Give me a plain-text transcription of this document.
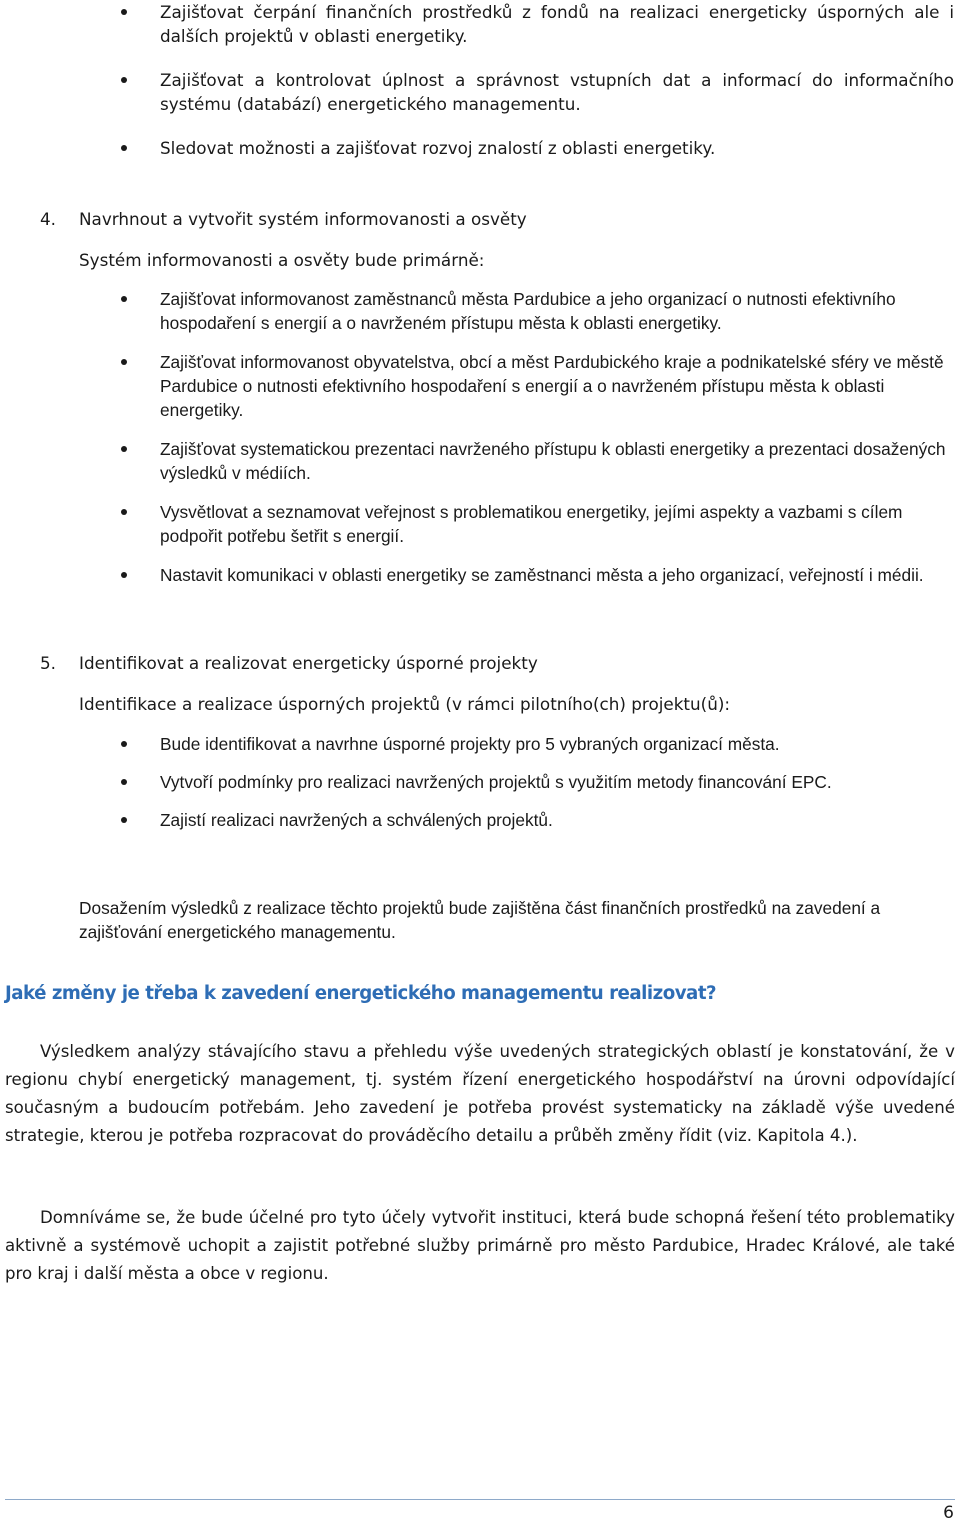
Zajišťovat čerpání finančních prostředků z fondů na realizaci energeticky úsporných ale i dalších projektů v oblasti energetiky.
Zajišťovat a kontrolovat úplnost a správnost vstupních dat a informací do informačního systému (databází) energetického managementu.
Sledovat možnosti a zajišťovat rozvoj znalostí z oblasti energetiky.
4. Navrhnout a vytvořit systém informovanosti a osvěty
Systém informovanosti a osvěty bude primárně:
Zajišťovat informovanost zaměstnanců města Pardubice a jeho organizací o nutnosti efektivního hospodaření s energií a o navrženém přístupu města k oblasti energetiky.
Zajišťovat informovanost obyvatelstva, obcí a měst Pardubického kraje a podnikatelské sféry ve městě Pardubice o nutnosti efektivního hospodaření s energií a o navrženém přístupu města k oblasti energetiky.
Zajišťovat systematickou prezentaci navrženého přístupu k oblasti energetiky a prezentaci dosažených výsledků v médiích.
Vysvětlovat a seznamovat veřejnost s problematikou energetiky, jejími aspekty a vazbami s cílem podpořit potřebu šetřit s energií.
Nastavit komunikaci v oblasti energetiky se zaměstnanci města a jeho organizací, veřejností i médii.
5. Identifikovat a realizovat energeticky úsporné projekty
Identifikace a realizace úsporných projektů (v rámci pilotního(ch) projektu(ů):
Bude identifikovat a navrhne úsporné projekty pro 5 vybraných organizací města.
Vytvoří podmínky pro realizaci navržených projektů s využitím metody financování EPC.
Zajistí realizaci navržených a schválených projektů.
Dosažením výsledků z realizace těchto projektů bude zajištěna část finančních prostředků na zavedení a zajišťování energetického managementu.
Jaké změny je třeba k zavedení energetického managementu realizovat?
Výsledkem analýzy stávajícího stavu a přehledu výše uvedených strategických oblastí je konstatování, že v regionu chybí energetický management, tj. systém řízení energetického hospodářství na úrovni odpovídající současným a budoucím potřebám. Jeho zavedení je potřeba provést systematicky na základě výše uvedené strategie, kterou je potřeba rozpracovat do prováděcího detailu a průběh změny řídit (viz. Kapitola 4.).
Domníváme se, že bude účelné pro tyto účely vytvořit instituci, která bude schopná řešení této problematiky aktivně a systémově uchopit a zajistit potřebné služby primárně pro město Pardubice, Hradec Králové, ale také pro kraj i další města a obce v regionu.
6
